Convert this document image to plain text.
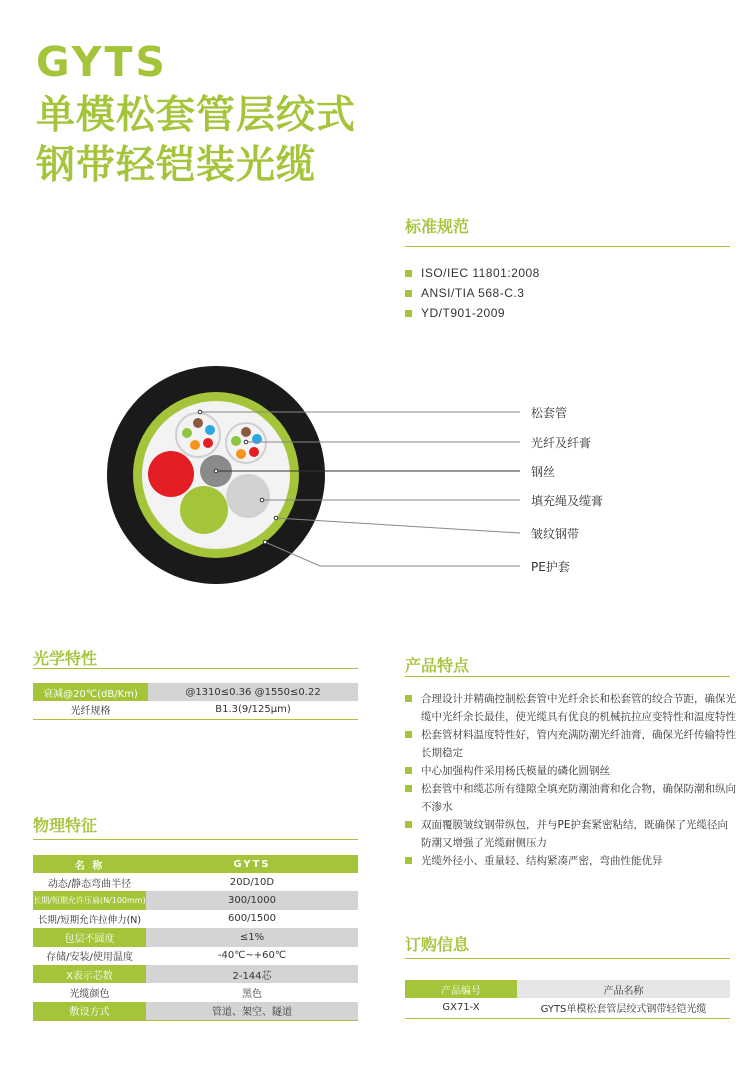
GYTS
单模松套管层绞式
钢带轻铠装光缆
标准规范
ISO/IEC 11801:2008
ANSI/TIA 568-C.3
YD/T901-2009
松套管
光纤及纤膏
钢丝
填充绳及缆膏
皱纹钢带
PE护套
光学特性
衰减@20℃(dB/Km)	@1310≤0.36 @1550≤0.22
光纤规格	B1.3(9/125μm)
物理特征
名 称	GYTS
动态/静态弯曲半径	20D/10D
长期/短期允许压扁(N/100mm)	300/1000
长期/短期允许拉伸力(N)	600/1500
包层不圆度	≤1%
存储/安装/使用温度	-40℃~+60℃
X表示芯数	2-144芯
光缆颜色	黑色
敷设方式	管道、架空、隧道
产品特点
合理设计并精确控制松套管中光纤余长和松套管的绞合节距，确保光缆中光纤余长最佳，使光缆具有优良的机械抗拉应变特性和温度特性
松套管材料温度特性好，管内充满防潮光纤油膏，确保光纤传输特性长期稳定
中心加强构件采用杨氏模量的磷化圆钢丝
松套管中和缆芯所有缝隙全填充防潮油膏和化合物，确保防潮和纵向不渗水
双面覆膜皱纹钢带纵包，并与PE护套紧密粘结，既确保了光缆径向防潮又增强了光缆耐侧压力
光缆外径小、重量轻、结构紧凑严密，弯曲性能优异
订购信息
产品编号	产品名称
GX71-X	GYTS单模松套管层绞式钢带轻铠光缆
